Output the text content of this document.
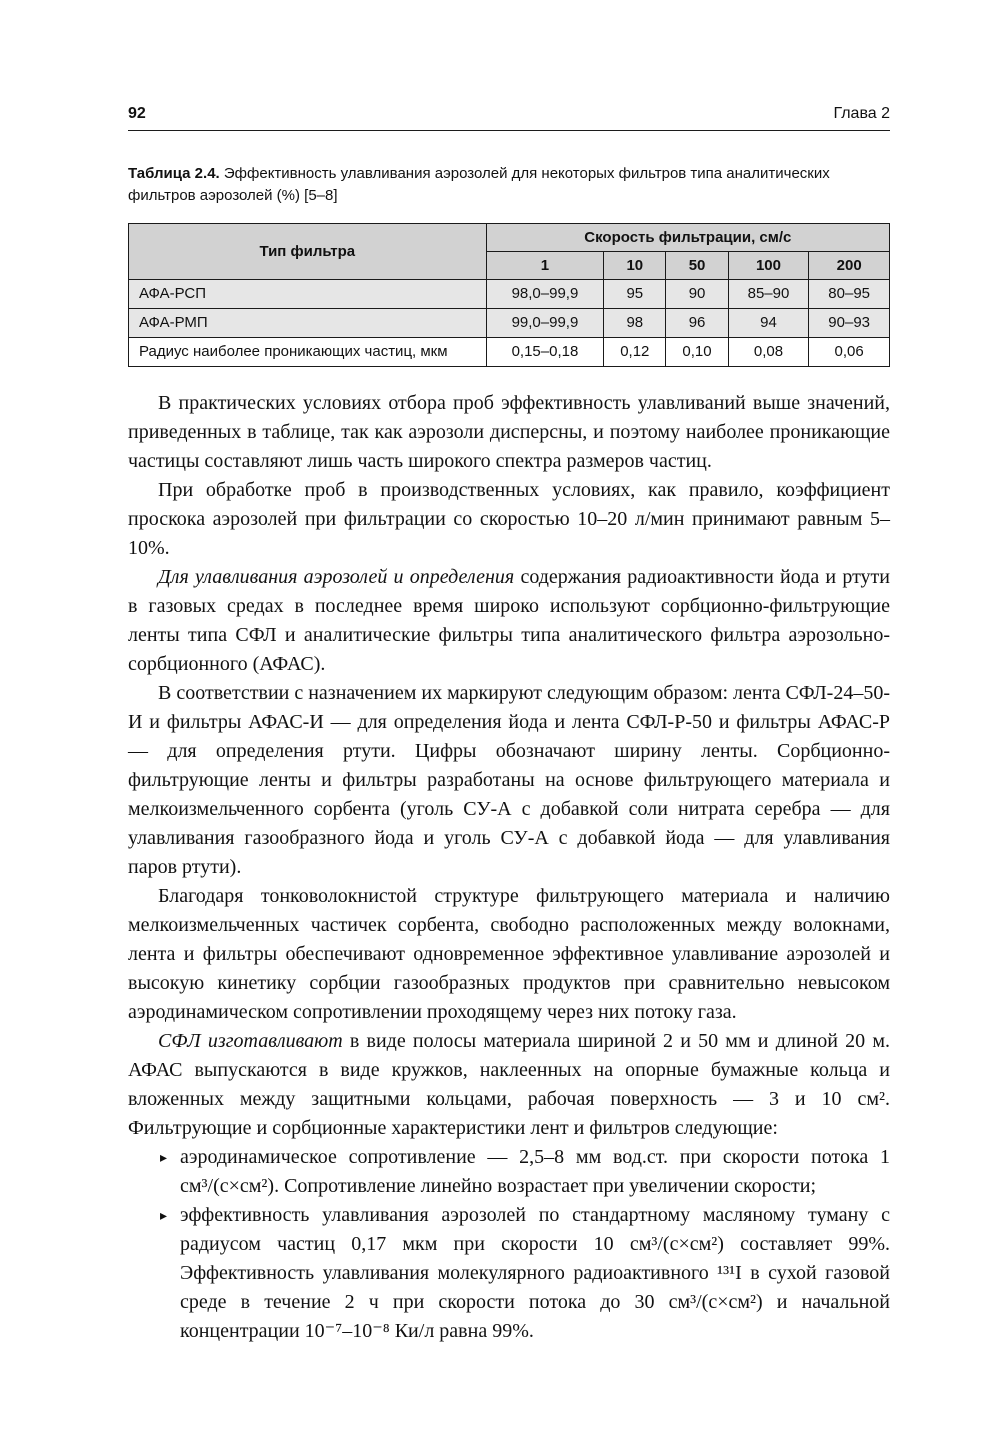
92	Глава 2
Таблица 2.4. Эффективность улавливания аэрозолей для некоторых фильтров типа аналитических фильтров аэрозолей (%) [5–8]
Тип фильтра	Скорость фильтрации, см/с				
	1	10	50	100	200
АФА-РСП	98,0–99,9	95	90	85–90	80–95
АФА-РМП	99,0–99,9	98	96	94	90–93
Радиус наиболее проникающих частиц, мкм	0,15–0,18	0,12	0,10	0,08	0,06

В практических условиях отбора проб эффективность улавливаний выше значений, приведенных в таблице, так как аэрозоли дисперсны, и поэтому наиболее проникающие частицы составляют лишь часть широкого спектра размеров частиц.

При обработке проб в производственных условиях, как правило, коэффициент проскока аэрозолей при фильтрации со скоростью 10–20 л/мин принимают равным 5–10%.

Для улавливания аэрозолей и определения содержания радиоактивности йода и ртути в газовых средах в последнее время широко используют сорбционно-фильтрующие ленты типа СФЛ и аналитические фильтры типа аналитического фильтра аэрозольно-сорбционного (АФАС).

В соответствии с назначением их маркируют следующим образом: лента СФЛ-24–50-И и фильтры АФАС-И — для определения йода и лента СФЛ-Р-50 и фильтры АФАС-Р — для определения ртути. Цифры обозначают ширину ленты. Сорбционно-фильтрующие ленты и фильтры разработаны на основе фильтрующего материала и мелкоизмельченного сорбента (уголь СУ-А с добавкой соли нитрата серебра — для улавливания газообразного йода и уголь СУ-А с добавкой йода — для улавливания паров ртути).

Благодаря тонковолокнистой структуре фильтрующего материала и наличию мелкоизмельченных частичек сорбента, свободно расположенных между волокнами, лента и фильтры обеспечивают одновременное эффективное улавливание аэрозолей и высокую кинетику сорбции газообразных продуктов при сравнительно невысоком аэродинамическом сопротивлении проходящему через них потоку газа.

СФЛ изготавливают в виде полосы материала шириной 2 и 50 мм и длиной 20 м. АФАС выпускаются в виде кружков, наклеенных на опорные бумажные кольца и вложенных между защитными кольцами, рабочая поверхность — 3 и 10 см². Фильтрующие и сорбционные характеристики лент и фильтров следующие:

▸ аэродинамическое сопротивление — 2,5–8 мм вод.ст. при скорости потока 1 см³/(с×см²). Сопротивление линейно возрастает при увеличении скорости;
▸ эффективность улавливания аэрозолей по стандартному масляному туману с радиусом частиц 0,17 мкм при скорости 10 см³/(с×см²) составляет 99%. Эффективность улавливания молекулярного радиоактивного ¹³¹I в сухой газовой среде в течение 2 ч при скорости потока до 30 см³/(с×см²) и начальной концентрации 10⁻⁷–10⁻⁸ Ки/л равна 99%.
